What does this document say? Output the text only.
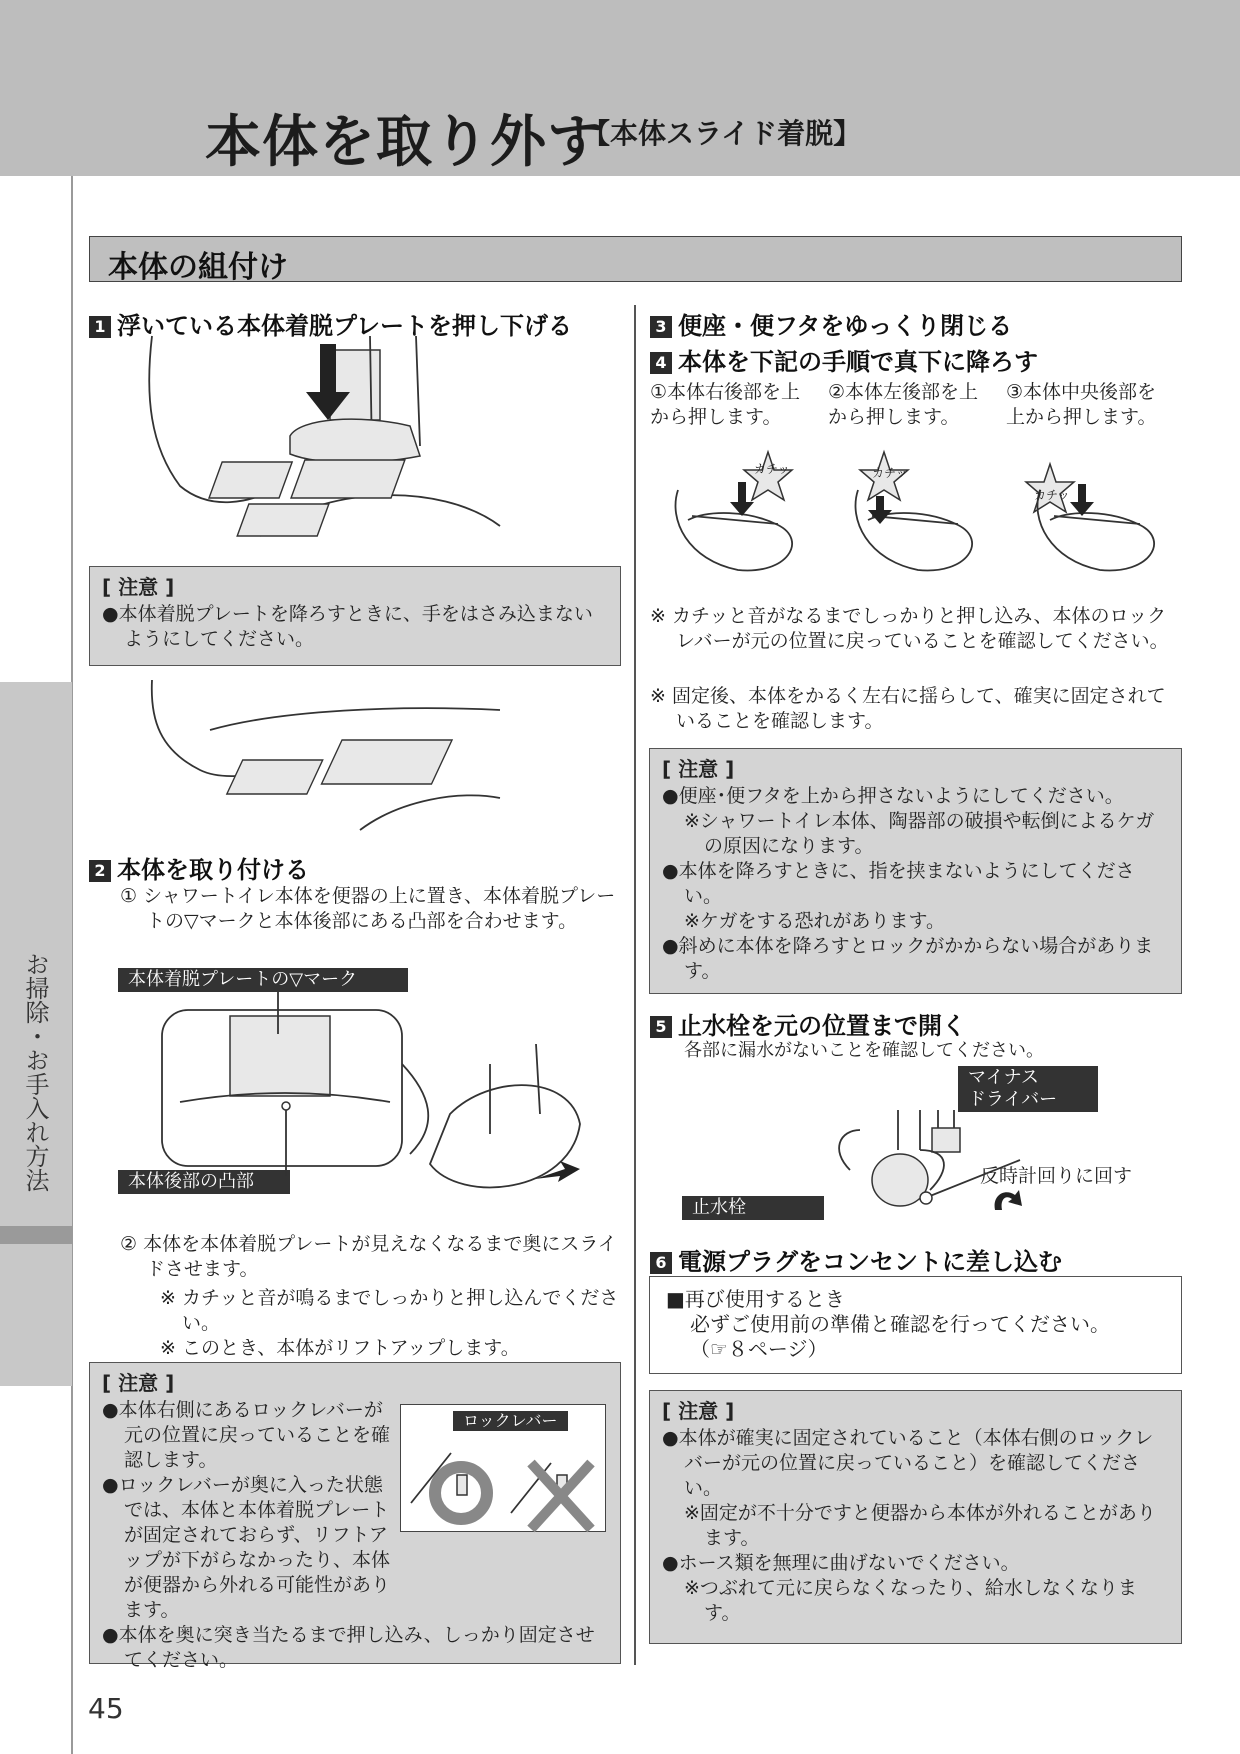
本体を取り外す
【本体スライド着脱】
お掃除・お手入れ方法
本体の組付け
1 浮いている本体着脱プレートを押し下げる
[ 注意 ]
●本体着脱プレートを降ろすときに、手をはさみ込まないようにしてください。
2 本体を取り付ける
① シャワートイレ本体を便器の上に置き、本体着脱プレートの▽マークと本体後部にある凸部を合わせます。
本体着脱プレートの▽マーク
本体後部の凸部
② 本体を本体着脱プレートが見えなくなるまで奥にスライドさせます。
※ カチッと音が鳴るまでしっかりと押し込んでください。
※ このとき、本体がリフトアップします。
[ 注意 ]
●本体右側にあるロックレバーが元の位置に戻っていることを確認します。
●ロックレバーが奥に入った状態では、本体と本体着脱プレートが固定されておらず、リフトアップが下がらなかったり、本体が便器から外れる可能性があります。
●本体を奥に突き当たるまで押し込み、しっかり固定させてください。
ロックレバー
45
3 便座・便フタをゆっくり閉じる
4 本体を下記の手順で真下に降ろす
①本体右後部を上から押します。
②本体左後部を上から押します。
③本体中央後部を上から押します。
カチッ	カチッ
カチッ
※ カチッと音がなるまでしっかりと押し込み、本体のロックレバーが元の位置に戻っていることを確認してください。
※ 固定後、本体をかるく左右に揺らして、確実に固定されていることを確認します。
[ 注意 ]
●便座･便フタを上から押さないようにしてください。
※シャワートイレ本体、陶器部の破損や転倒によるケガの原因になります。
●本体を降ろすときに、指を挟まないようにしてください。
※ケガをする恐れがあります。
●斜めに本体を降ろすとロックがかからない場合があります。
5 止水栓を元の位置まで開く
各部に漏水がないことを確認してください。
マイナス
ドライバー
止水栓
反時計回りに回す
6 電源プラグをコンセントに差し込む
■再び使用するとき
必ずご使用前の準備と確認を行ってください。
（☞８ページ）
[ 注意 ]
●本体が確実に固定されていること（本体右側のロックレバーが元の位置に戻っていること）を確認してください。
※固定が不十分ですと便器から本体が外れることがあります。
●ホース類を無理に曲げないでください。
※つぶれて元に戻らなくなったり、給水しなくなります。
